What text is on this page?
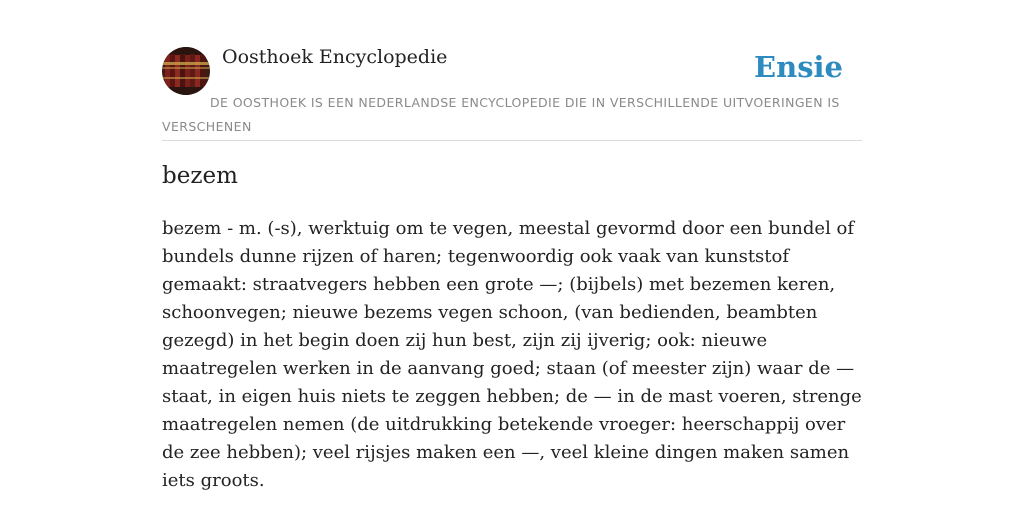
Oosthoek Encyclopedie	Ensie
DE OOSTHOEK IS EEN NEDERLANDSE ENCYCLOPEDIE DIE IN VERSCHILLENDE UITVOERINGEN IS VERSCHENEN
bezem

bezem - m. (-s), werktuig om te vegen, meestal gevormd door een bundel of bundels dunne rijzen of haren; tegenwoordig ook vaak van kunststof gemaakt: straatvegers hebben een grote —; (bijbels) met bezemen keren, schoonvegen; nieuwe bezems vegen schoon, (van bedienden, beambten gezegd) in het begin doen zij hun best, zijn zij ijverig; ook: nieuwe maatregelen werken in de aanvang goed; staan (of meester zijn) waar de — staat, in eigen huis niets te zeggen hebben; de — in de mast voeren, strenge maatregelen nemen (de uitdrukking betekende vroeger: heerschappij over de zee hebben); veel rijsjes maken een —, veel kleine dingen maken samen iets groots.
